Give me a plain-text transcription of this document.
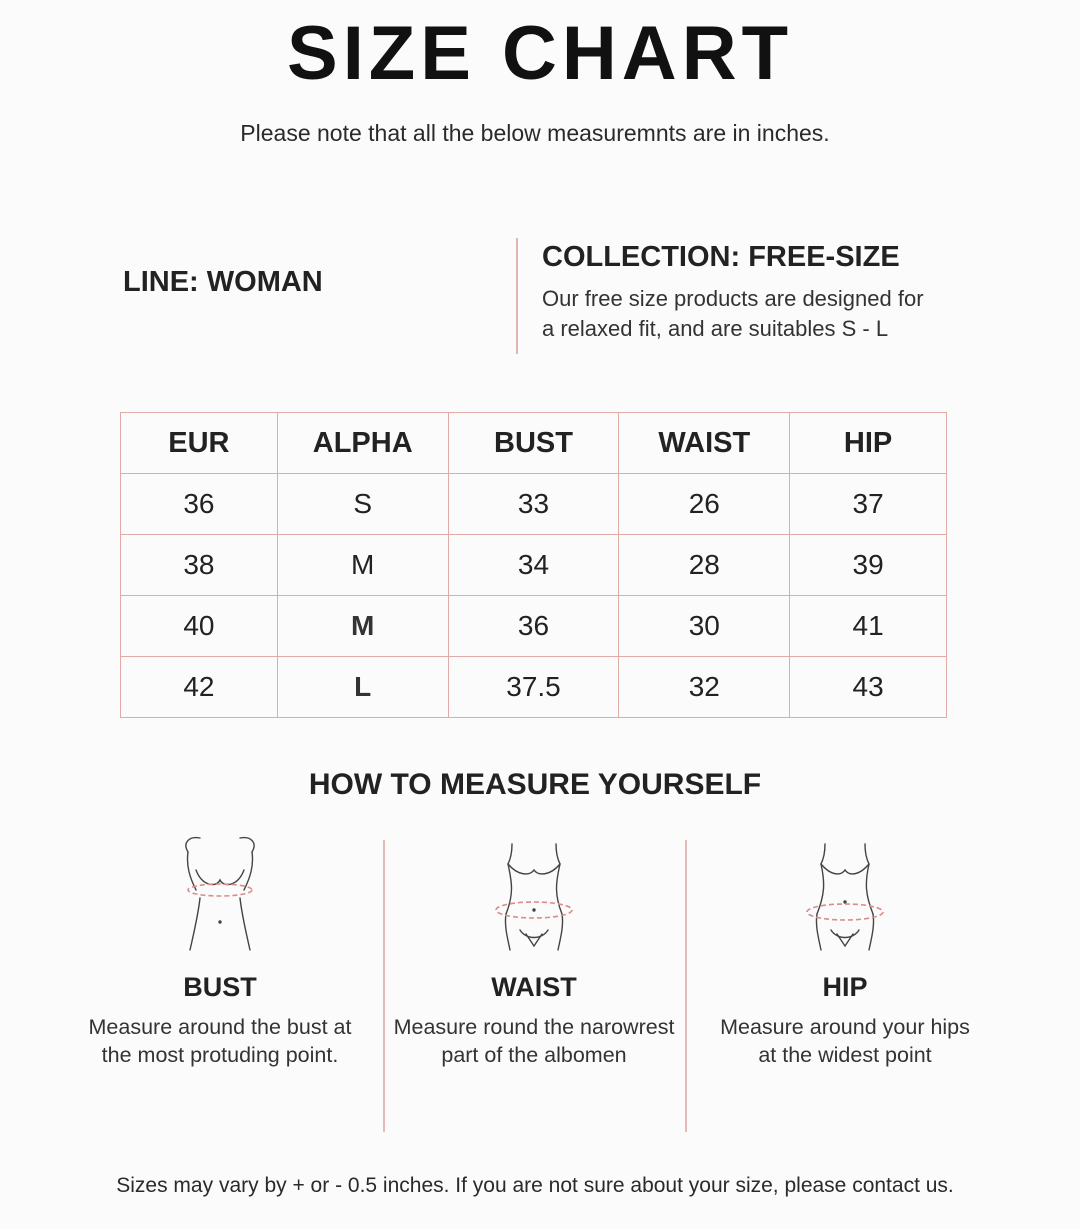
SIZE CHART

Please note that all the below measuremnts are in inches.

LINE: WOMAN
COLLECTION: FREE-SIZE
Our free size products are designed for
a relaxed fit, and are suitables S - L
EUR	ALPHA	BUST	WAIST	HIP
36	S	33	26	37
38	M	34	28	39
40	M	36	30	41
42	L	37.5	32	43
HOW TO MEASURE YOURSELF
BUST
Measure around the bust at
the most protuding point.
WAIST
Measure round the narowrest
part of the albomen
HIP
Measure around your hips
at the widest point

Sizes may vary by + or - 0.5 inches. If you are not sure about your size, please contact us.
